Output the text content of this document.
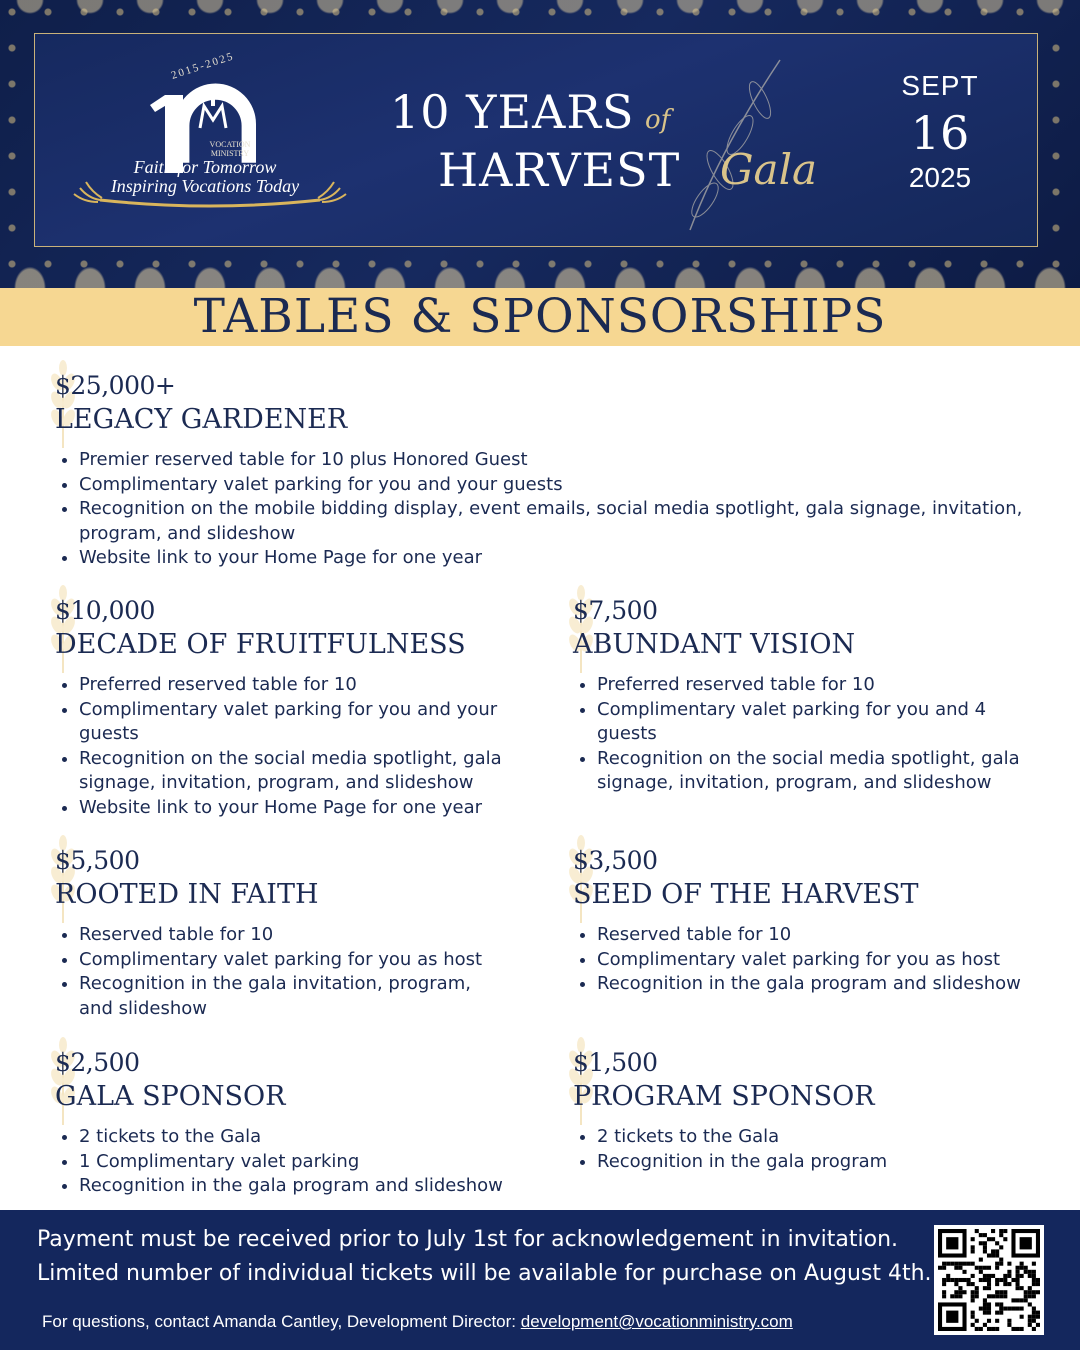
2015-2025
VOCATION MINISTRY
Faith for Tomorrow
Inspiring Vocations Today
10 YEARS of
HARVEST Gala
SEPT
16
2025
TABLES & SPONSORSHIPS
$25,000+
LEGACY GARDENER
• Premier reserved table for 10 plus Honored Guest
• Complimentary valet parking for you and your guests
• Recognition on the mobile bidding display, event emails, social media spotlight, gala signage, invitation, program, and slideshow
• Website link to your Home Page for one year
$10,000
DECADE OF FRUITFULNESS
• Preferred reserved table for 10
• Complimentary valet parking for you and your guests
• Recognition on the social media spotlight, gala signage, invitation, program, and slideshow
• Website link to your Home Page for one year
$7,500
ABUNDANT VISION
• Preferred reserved table for 10
• Complimentary valet parking for you and 4 guests
• Recognition on the social media spotlight, gala signage, invitation, program, and slideshow
$5,500
ROOTED IN FAITH
• Reserved table for 10
• Complimentary valet parking for you as host
• Recognition in the gala invitation, program, and slideshow
$3,500
SEED OF THE HARVEST
• Reserved table for 10
• Complimentary valet parking for you as host
• Recognition in the gala program and slideshow
$2,500
GALA SPONSOR
• 2 tickets to the Gala
• 1 Complimentary valet parking
• Recognition in the gala program and slideshow
$1,500
PROGRAM SPONSOR
• 2 tickets to the Gala
• Recognition in the gala program
Payment must be received prior to July 1st for acknowledgement in invitation.
Limited number of individual tickets will be available for purchase on August 4th.
For questions, contact Amanda Cantley, Development Director: development@vocationministry.com
